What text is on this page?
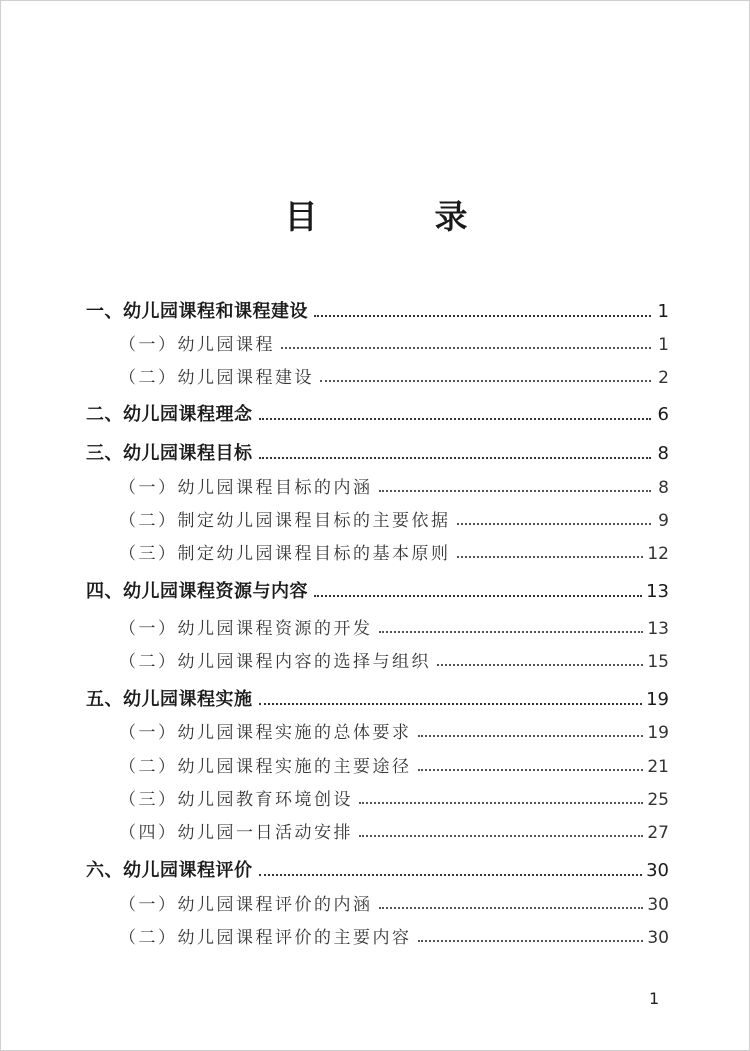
目　录
一、幼儿园课程和课程建设	1
（一）幼儿园课程	1
（二）幼儿园课程建设	2
二、幼儿园课程理念	6
三、幼儿园课程目标	8
（一）幼儿园课程目标的内涵	8
（二）制定幼儿园课程目标的主要依据	9
（三）制定幼儿园课程目标的基本原则	12
四、幼儿园课程资源与内容	13
（一）幼儿园课程资源的开发	13
（二）幼儿园课程内容的选择与组织	15
五、幼儿园课程实施	19
（一）幼儿园课程实施的总体要求	19
（二）幼儿园课程实施的主要途径	21
（三）幼儿园教育环境创设	25
（四）幼儿园一日活动安排	27
六、幼儿园课程评价	30
（一）幼儿园课程评价的内涵	30
（二）幼儿园课程评价的主要内容	30
1
